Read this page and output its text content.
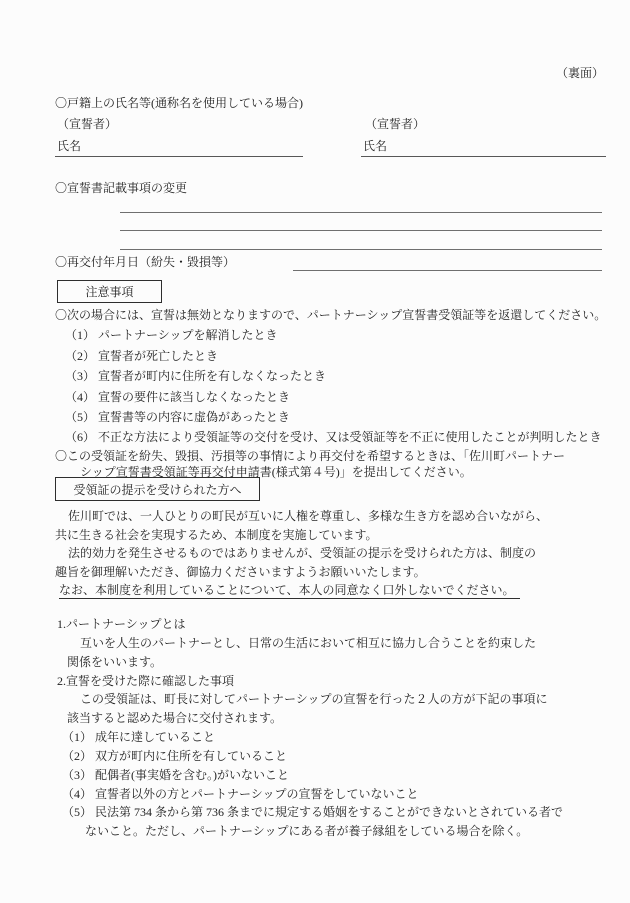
（裏面）
〇戸籍上の氏名等(通称名を使用している場合)
（宣誓者）	（宣誓者）
氏名	氏名
〇宣誓書記載事項の変更
〇再交付年月日（紛失・毀損等）
注意事項
〇次の場合には、宣誓は無効となりますので、パートナーシップ宣誓書受領証等を返還してください。
（1） パートナーシップを解消したとき
（2） 宣誓者が死亡したとき
（3） 宣誓者が町内に住所を有しなくなったとき
（4） 宣誓の要件に該当しなくなったとき
（5） 宣誓書等の内容に虚偽があったとき
（6） 不正な方法により受領証等の交付を受け、又は受領証等を不正に使用したことが判明したとき
〇この受領証を紛失、毀損、汚損等の事情により再交付を希望するときは、「佐川町パートナー
シップ宣誓書受領証等再交付申請書(様式第４号)」を提出してください。
受領証の提示を受けられた方へ
佐川町では、一人ひとりの町民が互いに人権を尊重し、多様な生き方を認め合いながら、
共に生きる社会を実現するため、本制度を実施しています。
法的効力を発生させるものではありませんが、受領証の提示を受けられた方は、制度の
趣旨を御理解いただき、御協力くださいますようお願いいたします。
なお、本制度を利用していることについて、本人の同意なく口外しないでください。
1.パートナーシップとは
互いを人生のパートナーとし、日常の生活において相互に協力し合うことを約束した
関係をいいます。
2.宣誓を受けた際に確認した事項
この受領証は、町長に対してパートナーシップの宣誓を行った２人の方が下記の事項に
該当すると認めた場合に交付されます。
（1） 成年に達していること
（2） 双方が町内に住所を有していること
（3） 配偶者(事実婚を含む。)がいないこと
（4） 宣誓者以外の方とパートナーシップの宣誓をしていないこと
（5） 民法第 734 条から第 736 条までに規定する婚姻をすることができないとされている者で
ないこと。ただし、パートナーシップにある者が養子縁組をしている場合を除く。
